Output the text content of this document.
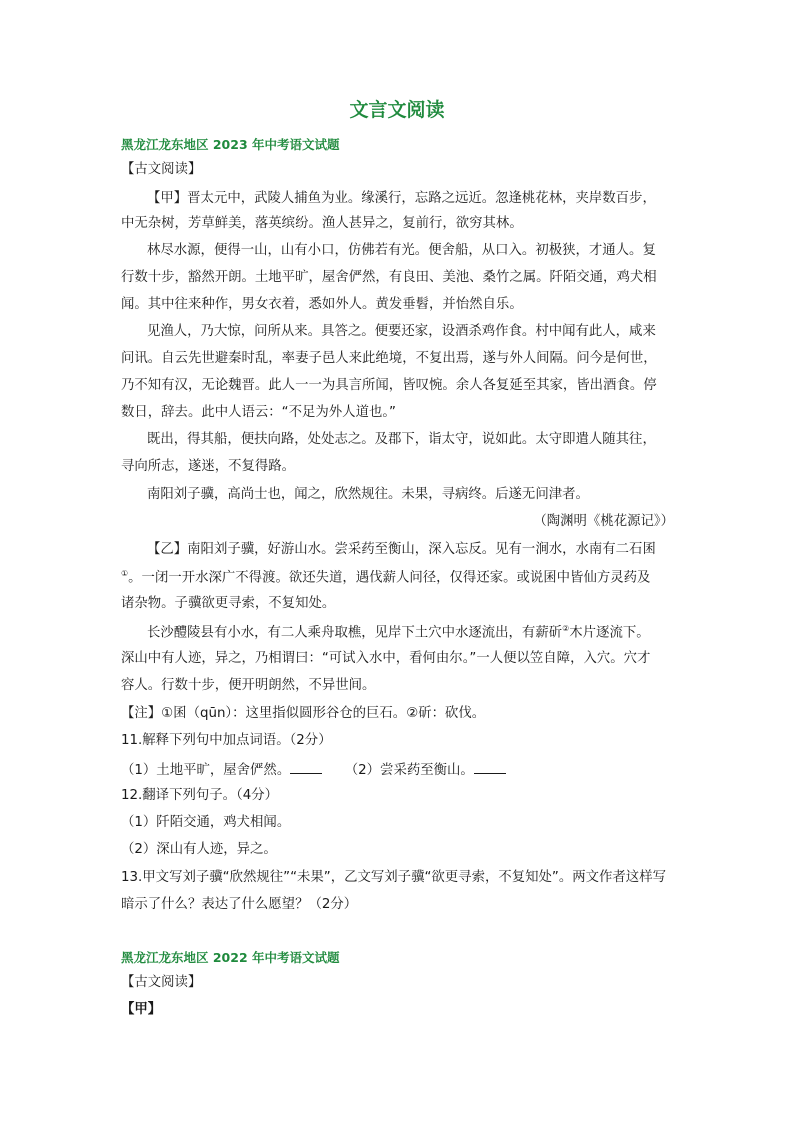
文言文阅读
黑龙江龙东地区 2023 年中考语文试题
【古文阅读】
【甲】晋太元中，武陵人捕鱼为业。缘溪行，忘路之远近。忽逢桃花林，夹岸数百步，
中无杂树，芳草鲜美，落英缤纷。渔人甚异之，复前行，欲穷其林。
林尽水源，便得一山，山有小口，仿佛若有光。便舍船，从口入。初极狭，才通人。复
行数十步，豁然开朗。土地平旷，屋舍俨然，有良田、美池、桑竹之属。阡陌交通，鸡犬相
闻。其中往来种作，男女衣着，悉如外人。黄发垂髫，并怡然自乐。
见渔人，乃大惊，问所从来。具答之。便要还家，设酒杀鸡作食。村中闻有此人，咸来
问讯。自云先世避秦时乱，率妻子邑人来此绝境，不复出焉，遂与外人间隔。问今是何世，
乃不知有汉，无论魏晋。此人一一为具言所闻，皆叹惋。余人各复延至其家，皆出酒食。停
数日，辞去。此中人语云：“不足为外人道也。”
既出，得其船，便扶向路，处处志之。及郡下，诣太守，说如此。太守即遣人随其往，
寻向所志，遂迷，不复得路。
南阳刘子骥，高尚士也，闻之，欣然规往。未果，寻病终。后遂无问津者。
（陶渊明《桃花源记》）
【乙】南阳刘子骥，好游山水。尝采药至衡山，深入忘反。见有一涧水，水南有二石囷
①。一闭一开水深广不得渡。欲还失道，遇伐薪人问径，仅得还家。或说囷中皆仙方灵药及
诸杂物。子骥欲更寻索，不复知处。
长沙醴陵县有小水，有二人乘舟取樵，见岸下土穴中水逐流出，有薪斫②木片逐流下。
深山中有人迹，异之，乃相谓曰：“可试入水中，看何由尔。”一人便以笠自障，入穴。穴才
容人。行数十步，便开明朗然，不异世间。
【注】①囷（qūn）：这里指似圆形谷仓的巨石。②斫：砍伐。
11.解释下列句中加点词语。（2分）
（1）土地平旷，屋舍俨然。	（2）尝采药至衡山。
12.翻译下列句子。（4分）
（1）阡陌交通，鸡犬相闻。
（2）深山有人迹，异之。
13.甲文写刘子骥“欣然规往”“未果”，乙文写刘子骥“欲更寻索，不复知处”。两文作者这样写
暗示了什么？表达了什么愿望？（2分）
黑龙江龙东地区 2022 年中考语文试题
【古文阅读】
【甲】
